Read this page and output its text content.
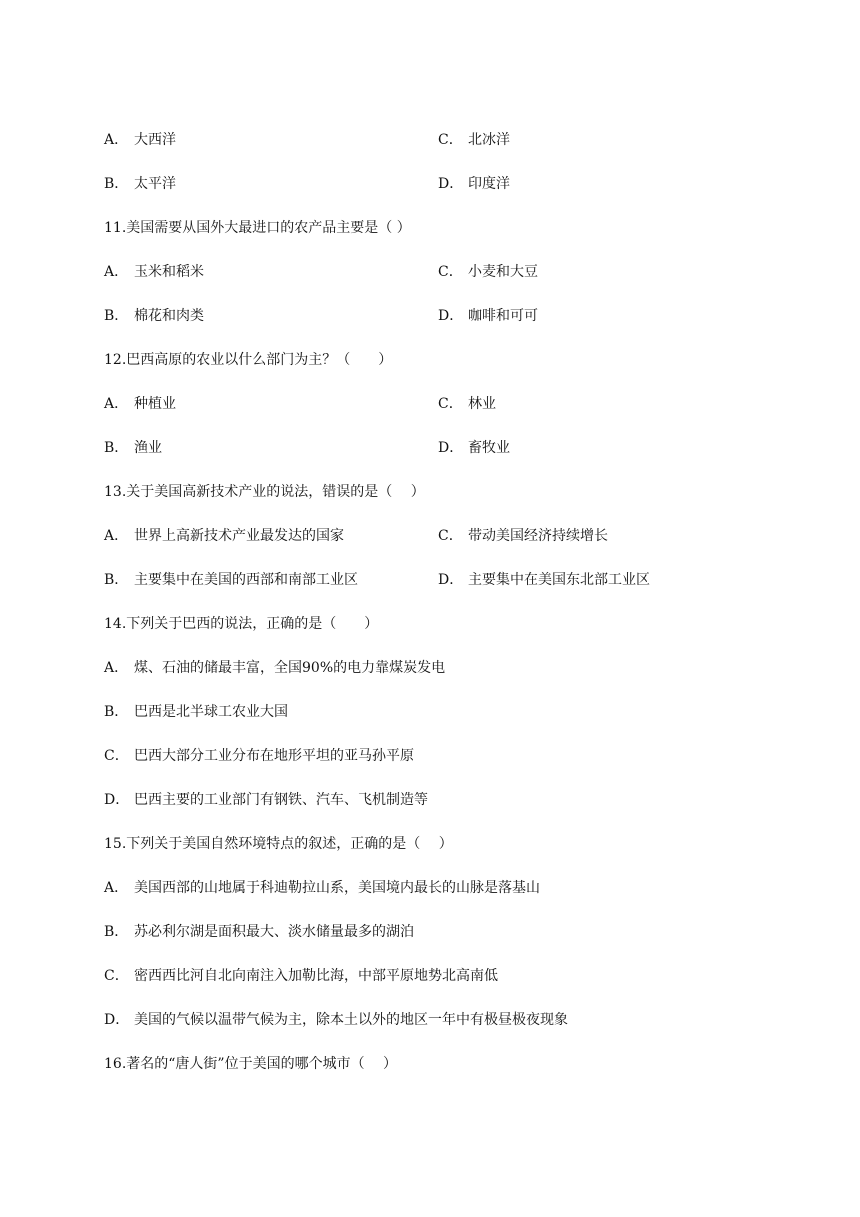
A． 大西洋	C． 北冰洋
B． 太平洋	D． 印度洋
11.美国需要从国外大最进口的农产品主要是（ ）
A． 玉米和稻米	C． 小麦和大豆
B． 棉花和肉类	D． 咖啡和可可
12.巴西高原的农业以什么部门为主？（　　）
A． 种植业	C． 林业
B． 渔业	D． 畜牧业
13.关于美国高新技术产业的说法，错误的是（　 ）
A． 世界上高新技术产业最发达的国家	C． 带动美国经济持续增长
B． 主要集中在美国的西部和南部工业区	D． 主要集中在美国东北部工业区
14.下列关于巴西的说法，正确的是（　　）
A． 煤、石油的储最丰富，全国90%的电力靠煤炭发电
B． 巴西是北半球工农业大国
C． 巴西大部分工业分布在地形平坦的亚马孙平原
D． 巴西主要的工业部门有钢铁、汽车、飞机制造等
15.下列关于美国自然环境特点的叙述，正确的是（　 ）
A． 美国西部的山地属于科迪勒拉山系，美国境内最长的山脉是落基山
B． 苏必利尔湖是面积最大、淡水储量最多的湖泊
C． 密西西比河自北向南注入加勒比海，中部平原地势北高南低
D． 美国的气候以温带气候为主，除本土以外的地区一年中有极昼极夜现象
16.著名的“唐人街”位于美国的哪个城市（　 ）
